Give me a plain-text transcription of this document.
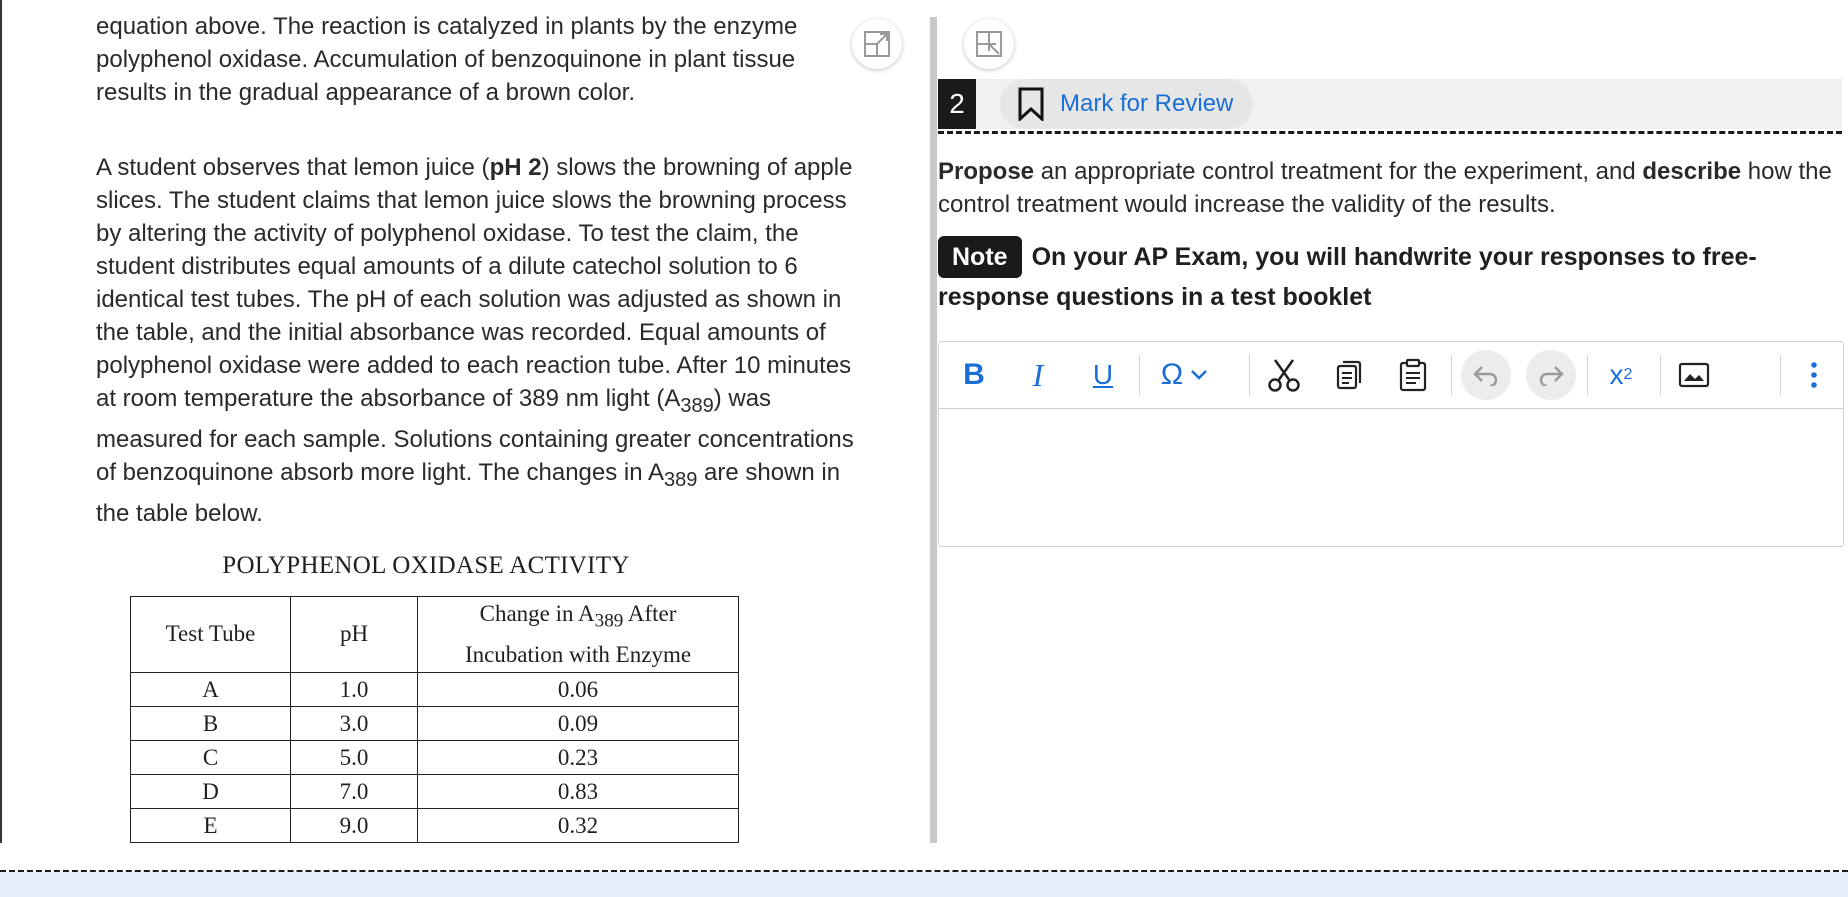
equation above. The reaction is catalyzed in plants by the enzyme polyphenol oxidase. Accumulation of benzoquinone in plant tissue results in the gradual appearance of a brown color.

A student observes that lemon juice (pH 2) slows the browning of apple slices. The student claims that lemon juice slows the browning process by altering the activity of polyphenol oxidase. To test the claim, the student distributes equal amounts of a dilute catechol solution to 6 identical test tubes. The pH of each solution was adjusted as shown in the table, and the initial absorbance was recorded. Equal amounts of polyphenol oxidase were added to each reaction tube. After 10 minutes at room temperature the absorbance of 389 nm light $(A_{389})$ was measured for each sample. Solutions containing greater concentrations of benzoquinone absorb more light. The changes in $A_{389}$ are shown in the table below.

POLYPHENOL OXIDASE ACTIVITY
Test Tube	pH	Change in $A_{389}$ After
Incubation with Enzyme
A	1.0	0.06
B	3.0	0.09
C	5.0	0.23
D	7.0	0.83
E	9.0	0.32
2	Mark for Review

Propose an appropriate control treatment for the experiment, and describe how the control treatment would increase the validity of the results.

Note On your AP Exam, you will handwrite your responses to free-response questions in a test booklet

B	I	U	Ω	x 2
